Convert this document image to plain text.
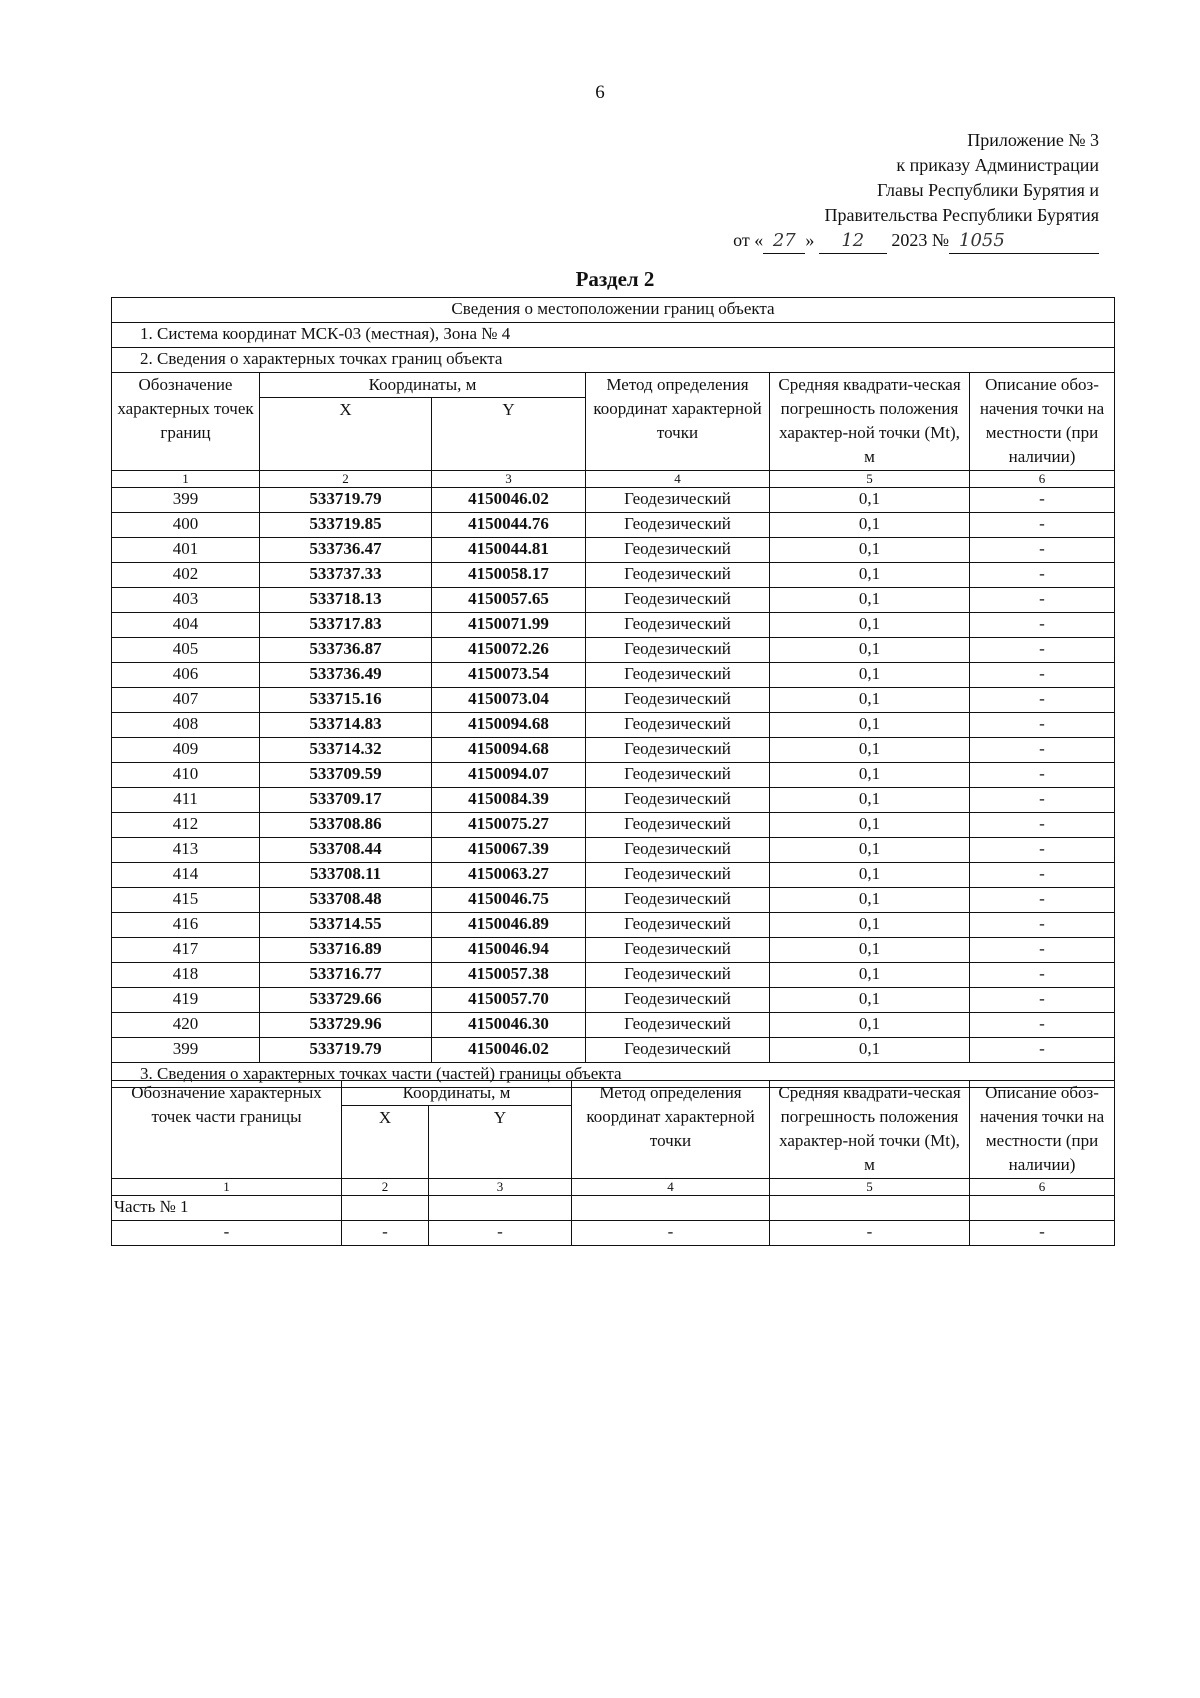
6
Приложение № 3
к приказу Администрации
Главы Республики Бурятия и
Правительства Республики Бурятия
от « 27 » 12 2023 № 1055
Раздел 2
Сведения о местоположении границ объекта					
1. Система координат МСК-03 (местная), Зона № 4					
2. Сведения о характерных точках границ объекта					
Обозначение характерных точек границ	Координаты, м		Метод определения координат характерной точки	Средняя квадрати-ческая погрешность положения характер-ной точки (Mt), м	Описание обоз-начения точки на местности (при наличии)
	X	Y			
1	2	3	4	5	6
399	533719.79	4150046.02	Геодезический	0,1	-
400	533719.85	4150044.76	Геодезический	0,1	-
401	533736.47	4150044.81	Геодезический	0,1	-
402	533737.33	4150058.17	Геодезический	0,1	-
403	533718.13	4150057.65	Геодезический	0,1	-
404	533717.83	4150071.99	Геодезический	0,1	-
405	533736.87	4150072.26	Геодезический	0,1	-
406	533736.49	4150073.54	Геодезический	0,1	-
407	533715.16	4150073.04	Геодезический	0,1	-
408	533714.83	4150094.68	Геодезический	0,1	-
409	533714.32	4150094.68	Геодезический	0,1	-
410	533709.59	4150094.07	Геодезический	0,1	-
411	533709.17	4150084.39	Геодезический	0,1	-
412	533708.86	4150075.27	Геодезический	0,1	-
413	533708.44	4150067.39	Геодезический	0,1	-
414	533708.11	4150063.27	Геодезический	0,1	-
415	533708.48	4150046.75	Геодезический	0,1	-
416	533714.55	4150046.89	Геодезический	0,1	-
417	533716.89	4150046.94	Геодезический	0,1	-
418	533716.77	4150057.38	Геодезический	0,1	-
419	533729.66	4150057.70	Геодезический	0,1	-
420	533729.96	4150046.30	Геодезический	0,1	-
399	533719.79	4150046.02	Геодезический	0,1	-
3. Сведения о характерных точках части (частей) границы объекта					
Обозначение характерных точек части границы	Координаты, м		Метод определения координат характерной точки	Средняя квадрати-ческая погрешность положения характер-ной точки (Mt), м	Описание обоз-начения точки на местности (при наличии)
	X	Y			
1	2	3	4	5	6
Часть № 1					
-	-	-	-	-	-
